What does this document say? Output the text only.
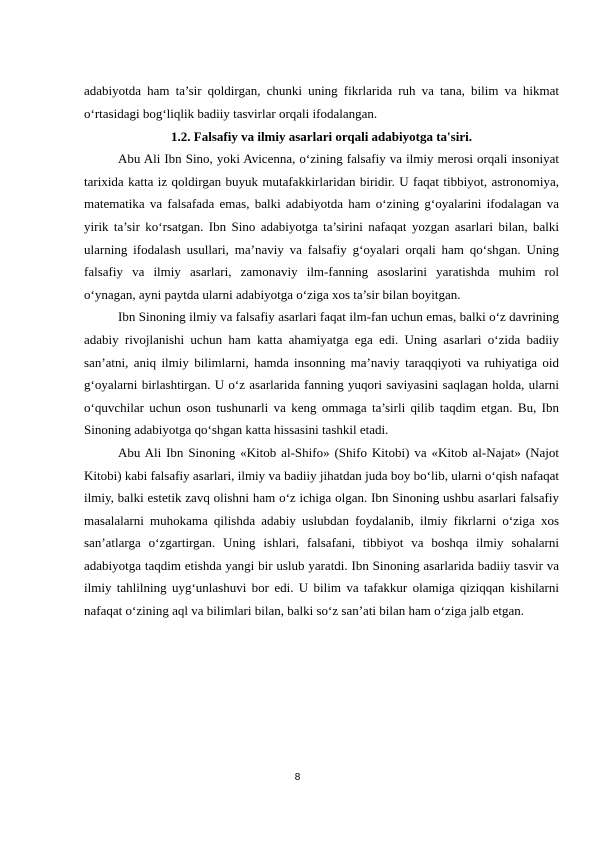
adabiyotda ham ta’sir qoldirgan, chunki uning fikrlarida ruh va tana, bilim va hikmat o‘rtasidagi bog‘liqlik badiiy tasvirlar orqali ifodalangan.

1.2. Falsafiy va ilmiy asarlari orqali adabiyotga ta'siri.

Abu Ali Ibn Sino, yoki Avicenna, o‘zining falsafiy va ilmiy merosi orqali insoniyat tarixida katta iz qoldirgan buyuk mutafakkirlaridan biridir. U faqat tibbiyot, astronomiya, matematika va falsafada emas, balki adabiyotda ham o‘zining g‘oyalarini ifodalagan va yirik ta’sir ko‘rsatgan. Ibn Sino adabiyotga ta’sirini nafaqat yozgan asarlari bilan, balki ularning ifodalash usullari, ma’naviy va falsafiy g‘oyalari orqali ham qo‘shgan. Uning falsafiy va ilmiy asarlari, zamonaviy ilm-fanning asoslarini yaratishda muhim rol o‘ynagan, ayni paytda ularni adabiyotga o‘ziga xos ta’sir bilan boyitgan.

Ibn Sinoning ilmiy va falsafiy asarlari faqat ilm-fan uchun emas, balki o‘z davrining adabiy rivojlanishi uchun ham katta ahamiyatga ega edi. Uning asarlari o‘zida badiiy san’atni, aniq ilmiy bilimlarni, hamda insonning ma’naviy taraqqiyoti va ruhiyatiga oid g‘oyalarni birlashtirgan. U o‘z asarlarida fanning yuqori saviyasini saqlagan holda, ularni o‘quvchilar uchun oson tushunarli va keng ommaga ta’sirli qilib taqdim etgan. Bu, Ibn Sinoning adabiyotga qo‘shgan katta hissasini tashkil etadi.

Abu Ali Ibn Sinoning «Kitob al-Shifo» (Shifo Kitobi) va «Kitob al-Najat» (Najot Kitobi) kabi falsafiy asarlari, ilmiy va badiiy jihatdan juda boy bo‘lib, ularni o‘qish nafaqat ilmiy, balki estetik zavq olishni ham o‘z ichiga olgan. Ibn Sinoning ushbu asarlari falsafiy masalalarni muhokama qilishda adabiy uslubdan foydalanib, ilmiy fikrlarni o‘ziga xos san’atlarga o‘zgartirgan. Uning ishlari, falsafani, tibbiyot va boshqa ilmiy sohalarni adabiyotga taqdim etishda yangi bir uslub yaratdi. Ibn Sinoning asarlarida badiiy tasvir va ilmiy tahlilning uyg‘unlashuvi bor edi. U bilim va tafakkur olamiga qiziqqan kishilarni nafaqat o‘zining aql va bilimlari bilan, balki so‘z san’ati bilan ham o‘ziga jalb etgan.

8
